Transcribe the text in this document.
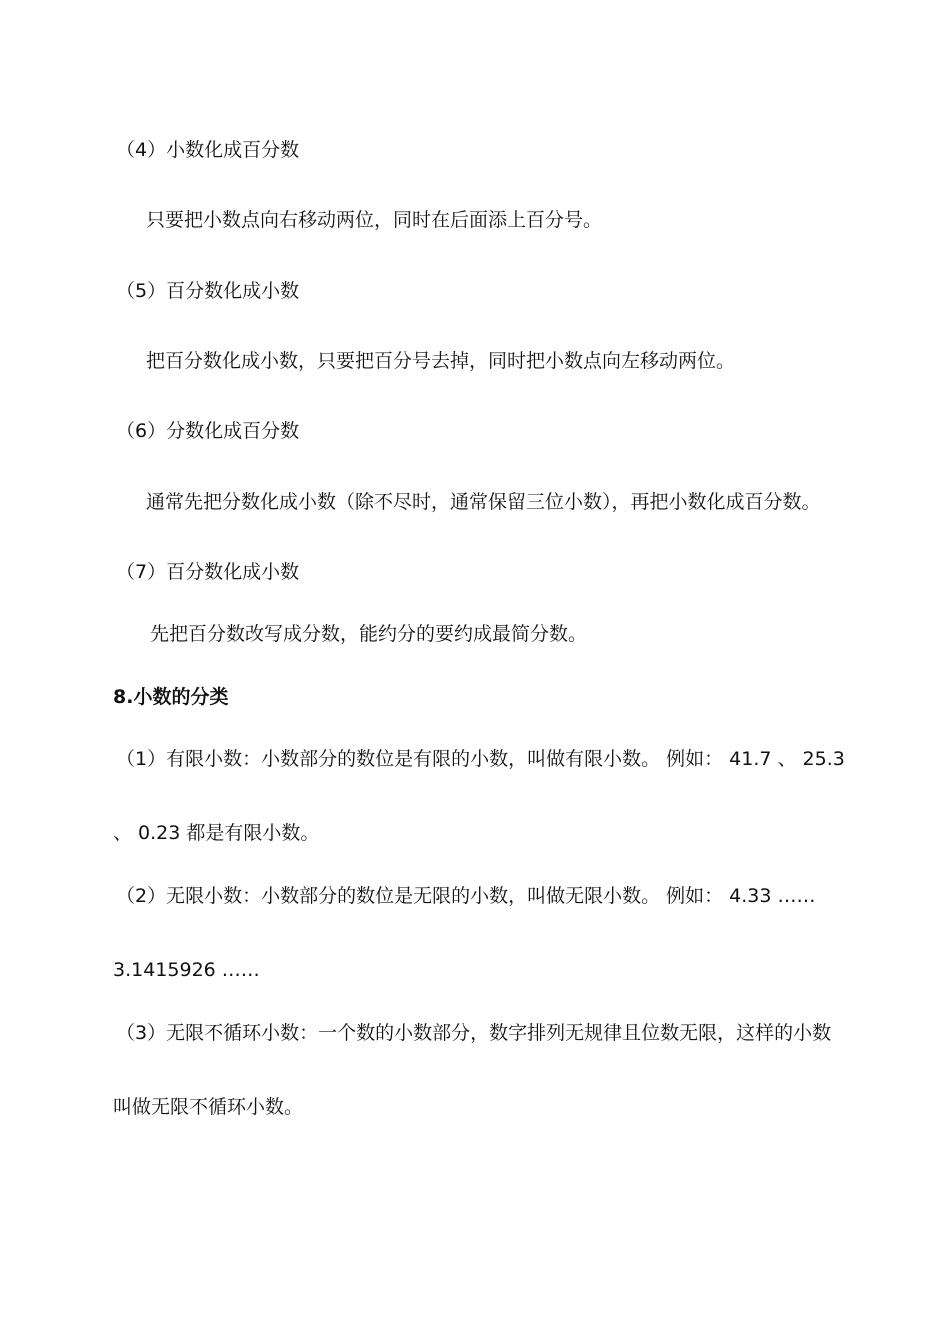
（4）小数化成百分数
只要把小数点向右移动两位，同时在后面添上百分号。
（5）百分数化成小数
把百分数化成小数，只要把百分号去掉，同时把小数点向左移动两位。
（6）分数化成百分数
通常先把分数化成小数（除不尽时，通常保留三位小数），再把小数化成百分数。
（7）百分数化成小数
先把百分数改写成分数，能约分的要约成最简分数。
8.小数的分类
（1）有限小数：小数部分的数位是有限的小数，叫做有限小数。 例如： 41.7 、 25.3
、 0.23 都是有限小数。
（2）无限小数：小数部分的数位是无限的小数，叫做无限小数。 例如： 4.33 ……
3.1415926 ……
（3）无限不循环小数：一个数的小数部分，数字排列无规律且位数无限，这样的小数
叫做无限不循环小数。
